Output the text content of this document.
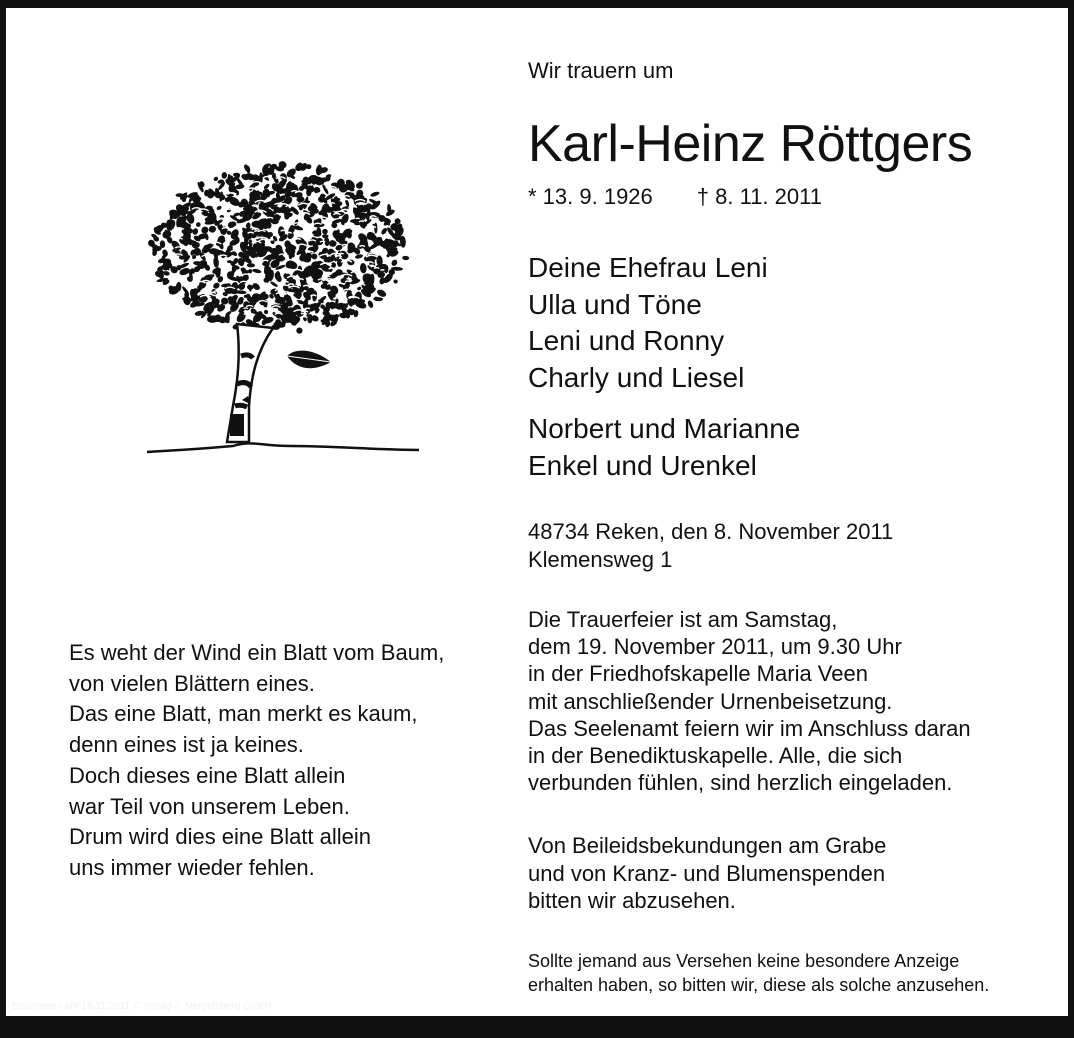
Wir trauern um
Karl-Heinz Röttgers
* 13. 9. 1926 † 8. 11. 2011
Deine Ehefrau Leni
Ulla und Töne
Leni und Ronny
Charly und Liesel
Norbert und Marianne
Enkel und Urenkel
48734 Reken, den 8. November 2011
Klemensweg 1
Die Trauerfeier ist am Samstag,
dem 19. November 2011, um 9.30 Uhr
in der Friedhofskapelle Maria Veen
mit anschließender Urnenbeisetzung.
Das Seelenamt feiern wir im Anschluss daran
in der Benediktuskapelle. Alle, die sich
verbunden fühlen, sind herzlich eingeladen.
Von Beileidsbekundungen am Grabe
und von Kranz- und Blumenspenden
bitten wir abzusehen.
Sollte jemand aus Versehen keine besondere Anzeige
erhalten haben, so bitten wir, diese als solche anzusehen.
Es weht der Wind ein Blatt vom Baum,
von vielen Blättern eines.
Das eine Blatt, man merkt es kaum,
denn eines ist ja keines.
Doch dieses eine Blatt allein
war Teil von unserem Leben.
Drum wird dies eine Blatt allein
uns immer wieder fehlen.
Erschienen am 16.11.2011 © Verlag J. Mergelsberg GmbH
